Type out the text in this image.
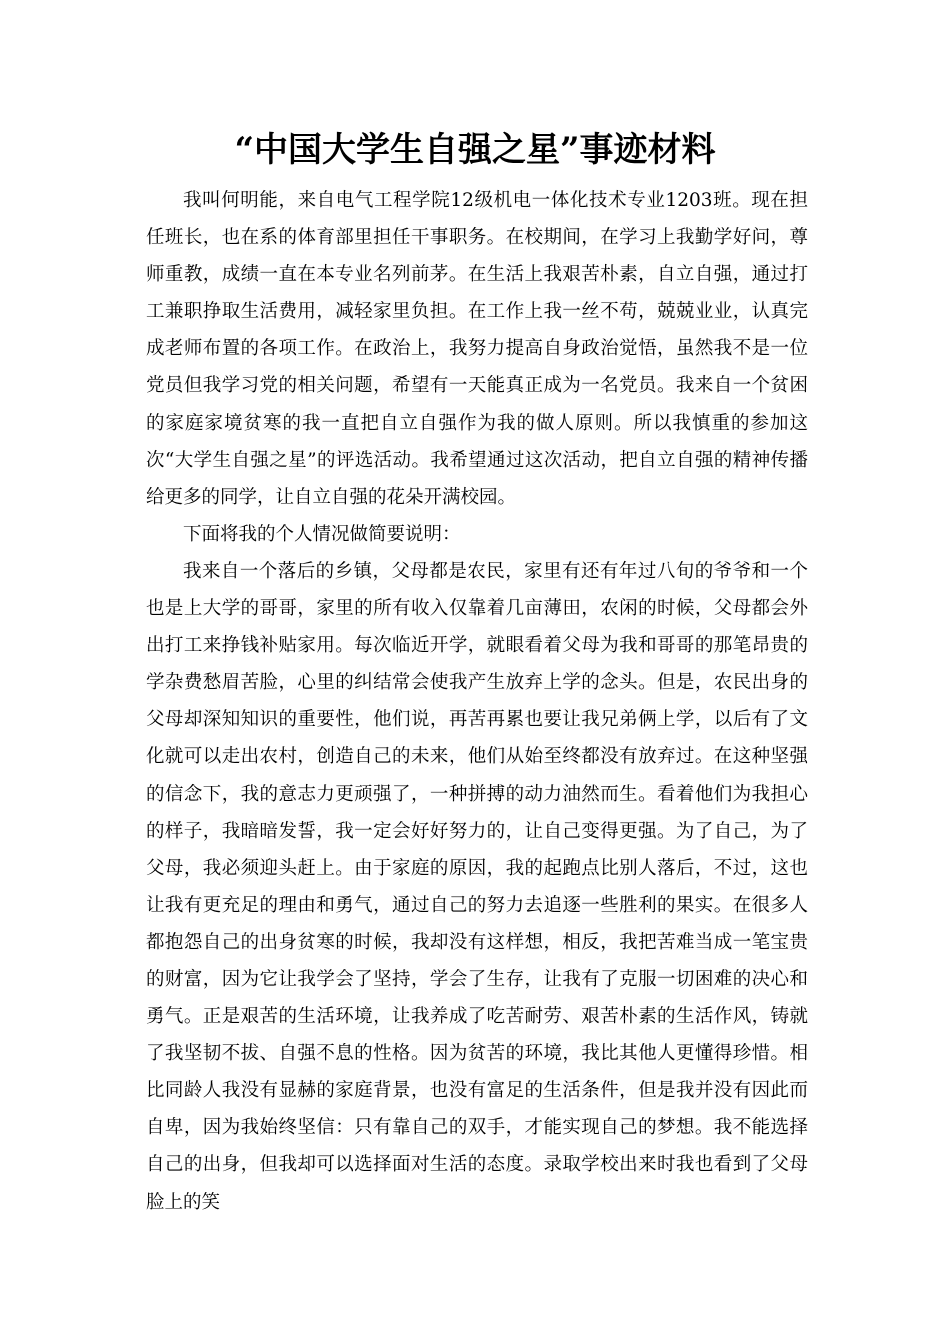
“中国大学生自强之星”事迹材料

我叫何明能，来自电气工程学院12级机电一体化技术专业1203班。现在担任班长，也在系的体育部里担任干事职务。在校期间，在学习上我勤学好问，尊师重教，成绩一直在本专业名列前茅。在生活上我艰苦朴素，自立自强，通过打工兼职挣取生活费用，减轻家里负担。在工作上我一丝不苟，兢兢业业，认真完成老师布置的各项工作。在政治上，我努力提高自身政治觉悟，虽然我不是一位党员但我学习党的相关问题，希望有一天能真正成为一名党员。我来自一个贫困的家庭家境贫寒的我一直把自立自强作为我的做人原则。所以我慎重的参加这次“大学生自强之星”的评选活动。我希望通过这次活动，把自立自强的精神传播给更多的同学，让自立自强的花朵开满校园。

下面将我的个人情况做简要说明：

我来自一个落后的乡镇，父母都是农民，家里有还有年过八旬的爷爷和一个也是上大学的哥哥，家里的所有收入仅靠着几亩薄田，农闲的时候，父母都会外出打工来挣钱补贴家用。每次临近开学，就眼看着父母为我和哥哥的那笔昂贵的学杂费愁眉苦脸，心里的纠结常会使我产生放弃上学的念头。但是，农民出身的父母却深知知识的重要性，他们说，再苦再累也要让我兄弟俩上学，以后有了文化就可以走出农村，创造自己的未来，他们从始至终都没有放弃过。在这种坚强的信念下，我的意志力更顽强了，一种拼搏的动力油然而生。看着他们为我担心的样子，我暗暗发誓，我一定会好好努力的，让自己变得更强。为了自己，为了父母，我必须迎头赶上。由于家庭的原因，我的起跑点比别人落后，不过，这也让我有更充足的理由和勇气，通过自己的努力去追逐一些胜利的果实。在很多人都抱怨自己的出身贫寒的时候，我却没有这样想，相反，我把苦难当成一笔宝贵的财富，因为它让我学会了坚持，学会了生存，让我有了克服一切困难的决心和勇气。正是艰苦的生活环境，让我养成了吃苦耐劳、艰苦朴素的生活作风，铸就了我坚韧不拔、自强不息的性格。因为贫苦的环境，我比其他人更懂得珍惜。相比同龄人我没有显赫的家庭背景，也没有富足的生活条件，但是我并没有因此而自卑，因为我始终坚信：只有靠自己的双手，才能实现自己的梦想。我不能选择自己的出身，但我却可以选择面对生活的态度。录取学校出来时我也看到了父母脸上的笑
